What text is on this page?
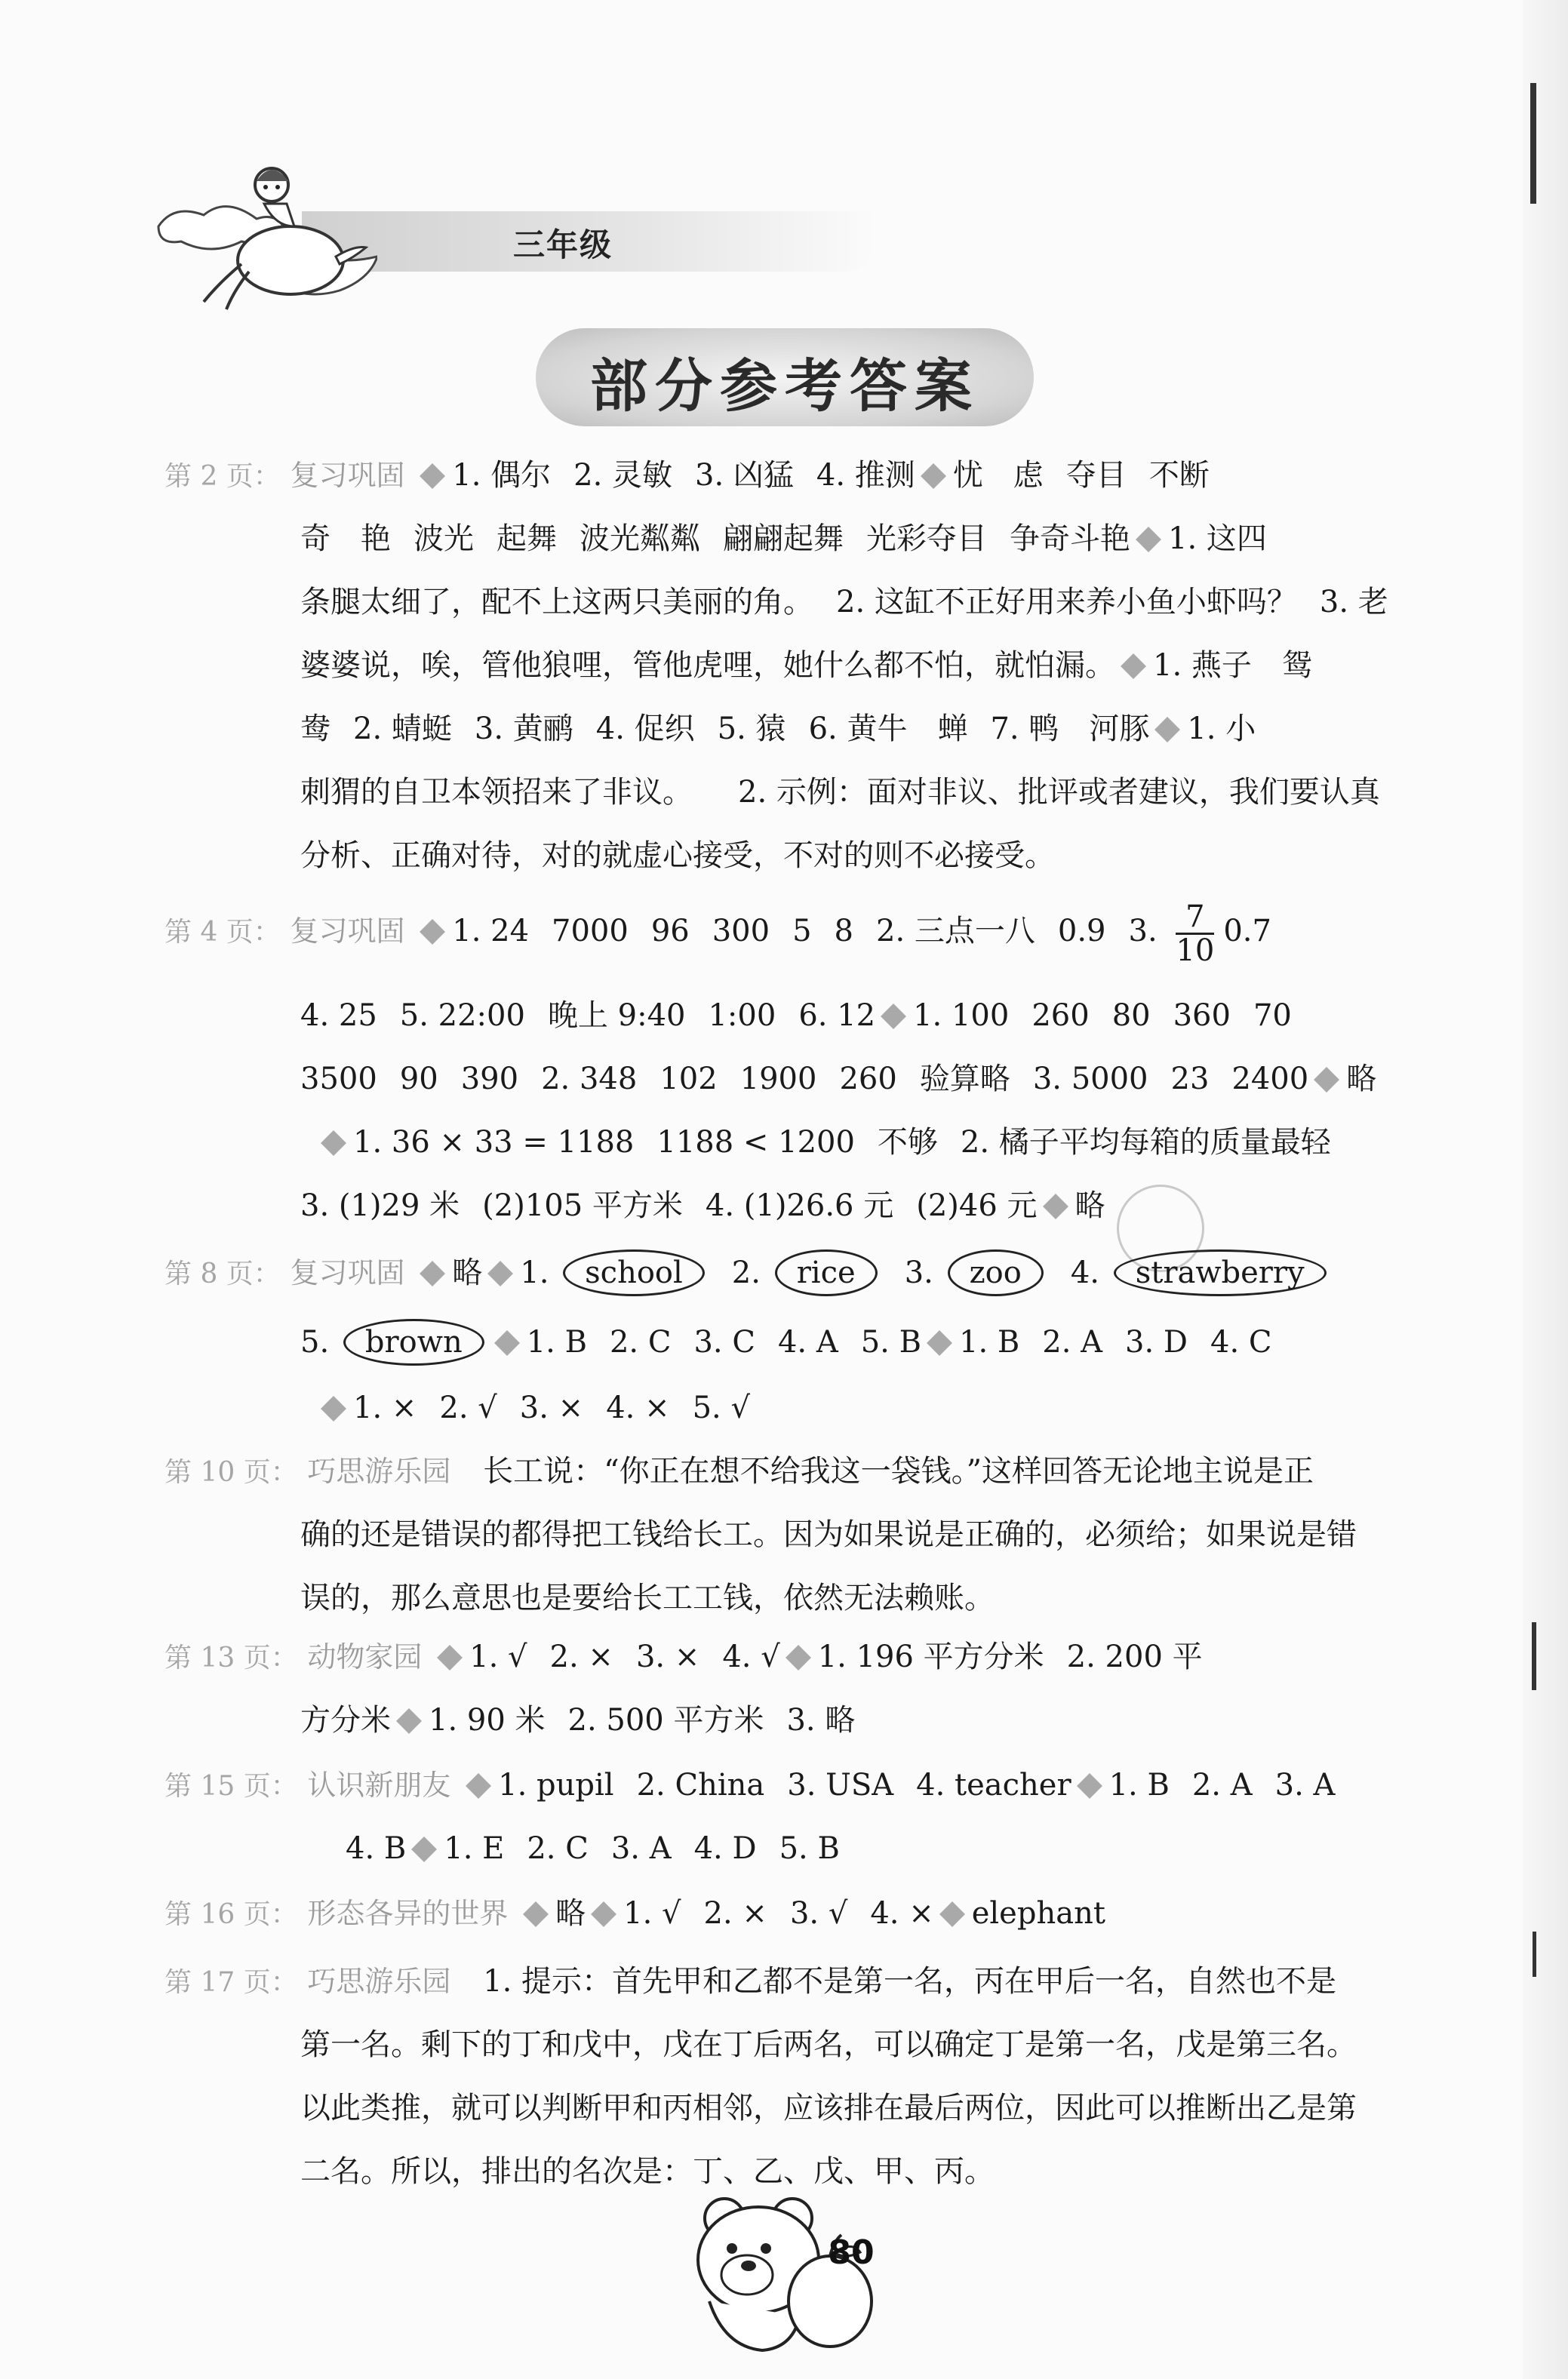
三年级
部分参考答案
第 2 页： 复习巩固 1. 偶尔 2. 灵敏 3. 凶猛 4. 推测 忧　虑 夺目 不断
奇　艳 波光 起舞 波光粼粼 翩翩起舞 光彩夺目 争奇斗艳 1. 这四
条腿太细了，配不上这两只美丽的角。 2. 这缸不正好用来养小鱼小虾吗？ 3. 老
婆婆说，唉，管他狼哩，管他虎哩，她什么都不怕，就怕漏。 1. 燕子　鸳
鸯 2. 蜻蜓 3. 黄鹂 4. 促织 5. 猿 6. 黄牛　蝉 7. 鸭　河豚 1. 小
刺猬的自卫本领招来了非议。 2. 示例：面对非议、批评或者建议，我们要认真
分析、正确对待，对的就虚心接受，不对的则不必接受。
第 4 页： 复习巩固 1. 24 7000 96 300 5 8 2. 三点一八 0.9 3. $\frac{7}{10} 0.7$
4. 25 5. 22:00 晚上 9:40 1:00 6. 12 1. 100 260 80 360 70
3500 90 390 2. 348 102 1900 260 验算略 3. 5000 23 2400 略
1. 36 × 33 = 1188 1188 < 1200 不够 2. 橘子平均每箱的质量最轻
3. (1)29 米 (2)105 平方米 4. (1)26.6 元 (2)46 元 略
第 8 页： 复习巩固 略 1. school 2. rice 3. zoo 4. strawberry
5. brown 1. B 2. C 3. C 4. A 5. B 1. B 2. A 3. D 4. C
1. × 2. √ 3. × 4. × 5. √
第 10 页： 巧思游乐园 长工说：“你正在想不给我这一袋钱。”这样回答无论地主说是正
确的还是错误的都得把工钱给长工。因为如果说是正确的，必须给；如果说是错
误的，那么意思也是要给长工工钱，依然无法赖账。
第 13 页： 动物家园 1. √ 2. × 3. × 4. √ 1. 196 平方分米 2. 200 平
方分米 1. 90 米 2. 500 平方米 3. 略
第 15 页： 认识新朋友 1. pupil 2. China 3. USA 4. teacher 1. B 2. A 3. A
4. B 1. E 2. C 3. A 4. D 5. B
第 16 页： 形态各异的世界 略 1. √ 2. × 3. √ 4. × elephant
第 17 页： 巧思游乐园 1. 提示：首先甲和乙都不是第一名，丙在甲后一名，自然也不是
第一名。剩下的丁和戊中，戊在丁后两名，可以确定丁是第一名，戊是第三名。
以此类推，就可以判断甲和丙相邻，应该排在最后两位，因此可以推断出乙是第
二名。所以，排出的名次是：丁、乙、戊、甲、丙。
80
